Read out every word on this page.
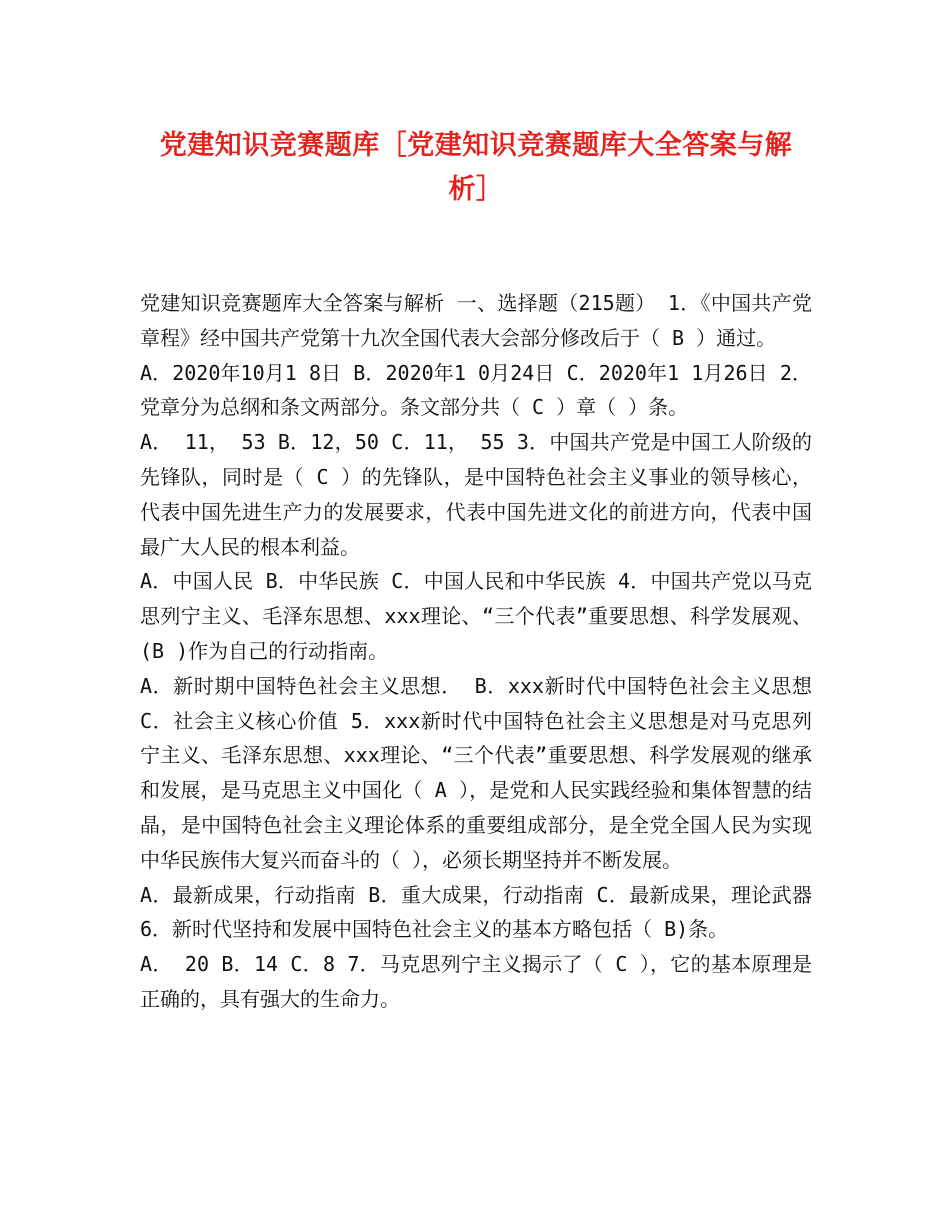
党建知识竞赛题库［党建知识竞赛题库大全答案与解
析］

党建知识竞赛题库大全答案与解析 一、选择题（215题） 1．《中国共产党章程》经中国共产党第十九次全国代表大会部分修改后于（ B ）通过。

A．2020年10月1 8日 B．2020年1 0月24日 C．2020年1 1月26日 2．党章分为总纲和条文两部分。条文部分共（ C ）章（ ）条。

A． 11， 53 B．12，50 C．11， 55 3．中国共产党是中国工人阶级的先锋队，同时是（ C ）的先锋队，是中国特色社会主义事业的领导核心，代表中国先进生产力的发展要求，代表中国先进文化的前进方向，代表中国最广大人民的根本利益。

A．中国人民 B．中华民族 C．中国人民和中华民族 4．中国共产党以马克思列宁主义、毛泽东思想、xxx理论、“三个代表”重要思想、科学发展观、(B )作为自己的行动指南。

A．新时期中国特色社会主义思想． B．xxx新时代中国特色社会主义思想 C．社会主义核心价值 5．xxx新时代中国特色社会主义思想是对马克思列宁主义、毛泽东思想、xxx理论、“三个代表”重要思想、科学发展观的继承和发展，是马克思主义中国化（ A ），是党和人民实践经验和集体智慧的结晶，是中国特色社会主义理论体系的重要组成部分，是全党全国人民为实现中华民族伟大复兴而奋斗的（ ），必须长期坚持并不断发展。

A．最新成果，行动指南 B．重大成果，行动指南 C．最新成果，理论武器 6．新时代坚持和发展中国特色社会主义的基本方略包括（ B)条。

A． 20 B．14 C．8 7．马克思列宁主义揭示了（ C ），它的基本原理是正确的，具有强大的生命力。
